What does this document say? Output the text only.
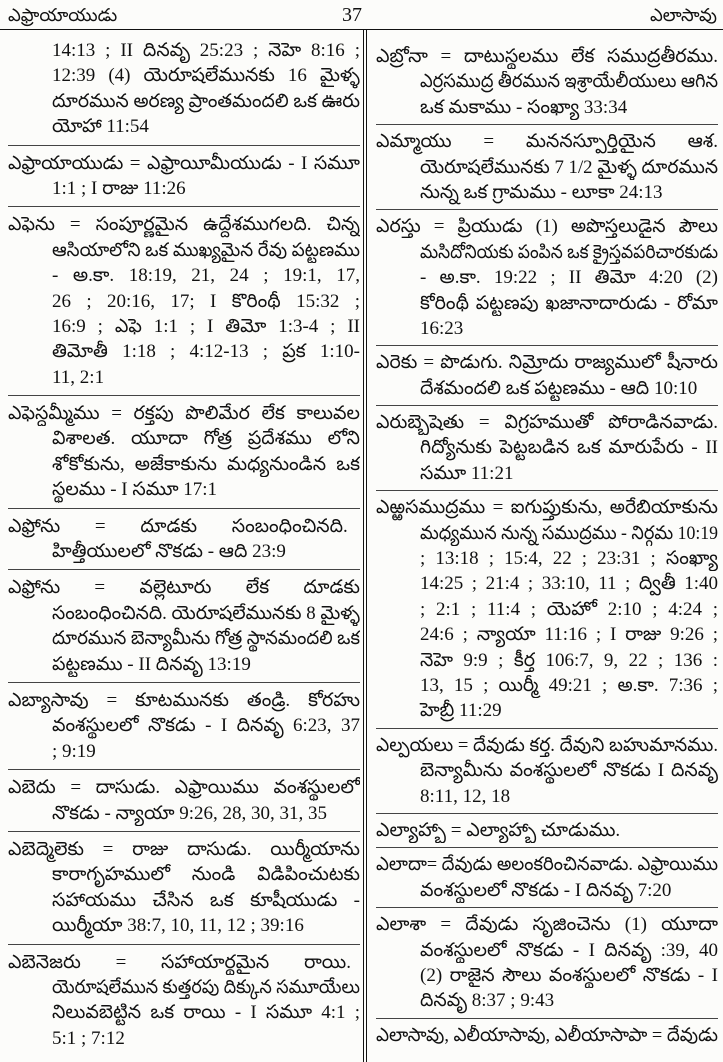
ఎఫ్రాయాయుడు	37	ఎలాసావు
14:13 ; II దినవృ 25:23 ; నెహె 8:16 ;
12:39 (4) యెరూషలేమునకు 16 మైళ్ళ
దూరమున అరణ్య ప్రాంతమందలి ఒక ఊరు
యోహా 11:54
ఎఫ్రాయాయుడు = ఎఫ్రాయీమీయుడు - I సమూ
1:1 ; I రాజు 11:26
ఎఫెను = సంపూర్ణమైన ఉద్దేశముగలది. చిన్న
ఆసియాలోని ఒక ముఖ్యమైన రేవు పట్టణము
- అ.కా. 18:19, 21, 24 ; 19:1, 17,
26 ; 20:16, 17; I కొరింథీ 15:32 ;
16:9 ; ఎఫె 1:1 ; I తిమో 1:3-4 ; II
తిమోతీ 1:18 ; 4:12-13 ; ప్రక 1:10-
11, 2:1
ఎఫెస్దమ్మీము = రక్తపు పొలిమేర లేక కాలువల
విశాలత. యూదా గోత్ర ప్రదేశము లోని
శోకోకును, అజేకాకును మధ్యనుండిన ఒక
స్థలము - I సమూ 17:1
ఎఫ్రోను = దూడకు సంబంధించినది.
హిత్తీయులలో నొకడు - ఆది 23:9
ఎఫ్రోను = వల్లెటూరు లేక దూడకు
సంబంధించినది. యెరూషలేమునకు 8 మైళ్ళ
దూరమున బెన్యామీను గోత్ర స్థానమందలి ఒక
పట్టణము - II దినవృ 13:19
ఎబ్యాసావు = కూటమునకు తండ్రి. కోరహు
వంశస్థులలో నొకడు - I దినవృ 6:23, 37
; 9:19
ఎబెదు = దాసుడు. ఎఫ్రాయిము వంశస్థులలో
నొకడు - న్యాయా 9:26, 28, 30, 31, 35
ఎబెద్మెలెకు = రాజు దాసుడు. యిర్మీయాను
కారాగృహములో నుండి విడిపించుటకు
సహాయము చేసిన ఒక కూషీయుడు -
యిర్మీయా 38:7, 10, 11, 12 ; 39:16
ఎబెనెజరు = సహాయార్థమైన రాయి.
యెరూషలేమున కుత్తరపు దిక్కున సమూయేలు
నిలువబెట్టిన ఒక రాయి - I సమూ 4:1 ;
5:1 ; 7:12
ఎబ్రోనా = దాటుస్థలము లేక సముద్రతీరము.
ఎర్రసముద్ర తీరమున ఇశ్రాయేలీయులు ఆగిన
ఒక మకాము - సంఖ్యా 33:34
ఎమ్మాయు = మననస్పూర్తియైన ఆశ.
యెరూషలేమునకు 7 1/2 మైళ్ళ దూరమున
నున్న ఒక గ్రామము - లూకా 24:13
ఎరస్తు = ప్రియుడు (1) అపొస్తలుడైన పౌలు
మసిదోనియకు పంపిన ఒక క్రైస్తవపరిచారకుడు
- అ.కా. 19:22 ; II తిమో 4:20 (2)
కోరింథీ పట్టణపు ఖజానాదారుడు - రోమా
16:23
ఎరెకు = పొడుగు. నిమ్రోదు రాజ్యములో షీనారు
దేశమందలి ఒక పట్టణము - ఆది 10:10
ఎరుబ్బెషెతు = విగ్రహముతో పోరాడినవాడు.
గిద్యోనుకు పెట్టబడిన ఒక మారుపేరు - II
సమూ 11:21
ఎఱ్ఱసముద్రము = ఐగుప్తుకును, అరేబియాకును
మధ్యమున నున్న సముద్రము - నిర్గమ 10:19
; 13:18 ; 15:4, 22 ; 23:31 ; సంఖ్యా
14:25 ; 21:4 ; 33:10, 11 ; ద్వితీ 1:40
; 2:1 ; 11:4 ; యెహో 2:10 ; 4:24 ;
24:6 ; న్యాయా 11:16 ; I రాజు 9:26 ;
నెహె 9:9 ; కీర్త 106:7, 9, 22 ; 136 :
13, 15 ; యిర్మీ 49:21 ; అ.కా. 7:36 ;
హెబ్రీ 11:29
ఎల్పయలు = దేవుడు కర్త. దేవుని బహుమానము.
బెన్యామీను వంశస్థులలో నొకడు I దినవృ
8:11, 12, 18
ఎల్యాహ్బా = ఎల్యాహ్బా చూడుము.
ఎలాదా= దేవుడు అలంకరించినవాడు. ఎఫ్రాయిము
వంశస్థులలో నొకడు - I దినవృ 7:20
ఎలాశా = దేవుడు సృజించెను (1) యూదా
వంశస్థులలో నొకడు - I దినవృ :39, 40
(2) రాజైన సౌలు వంశస్థులలో నొకడు - I
దినవృ 8:37 ; 9:43
ఎలాసావు, ఎలీయాసావు, ఎలీయాసాపా = దేవుడు
